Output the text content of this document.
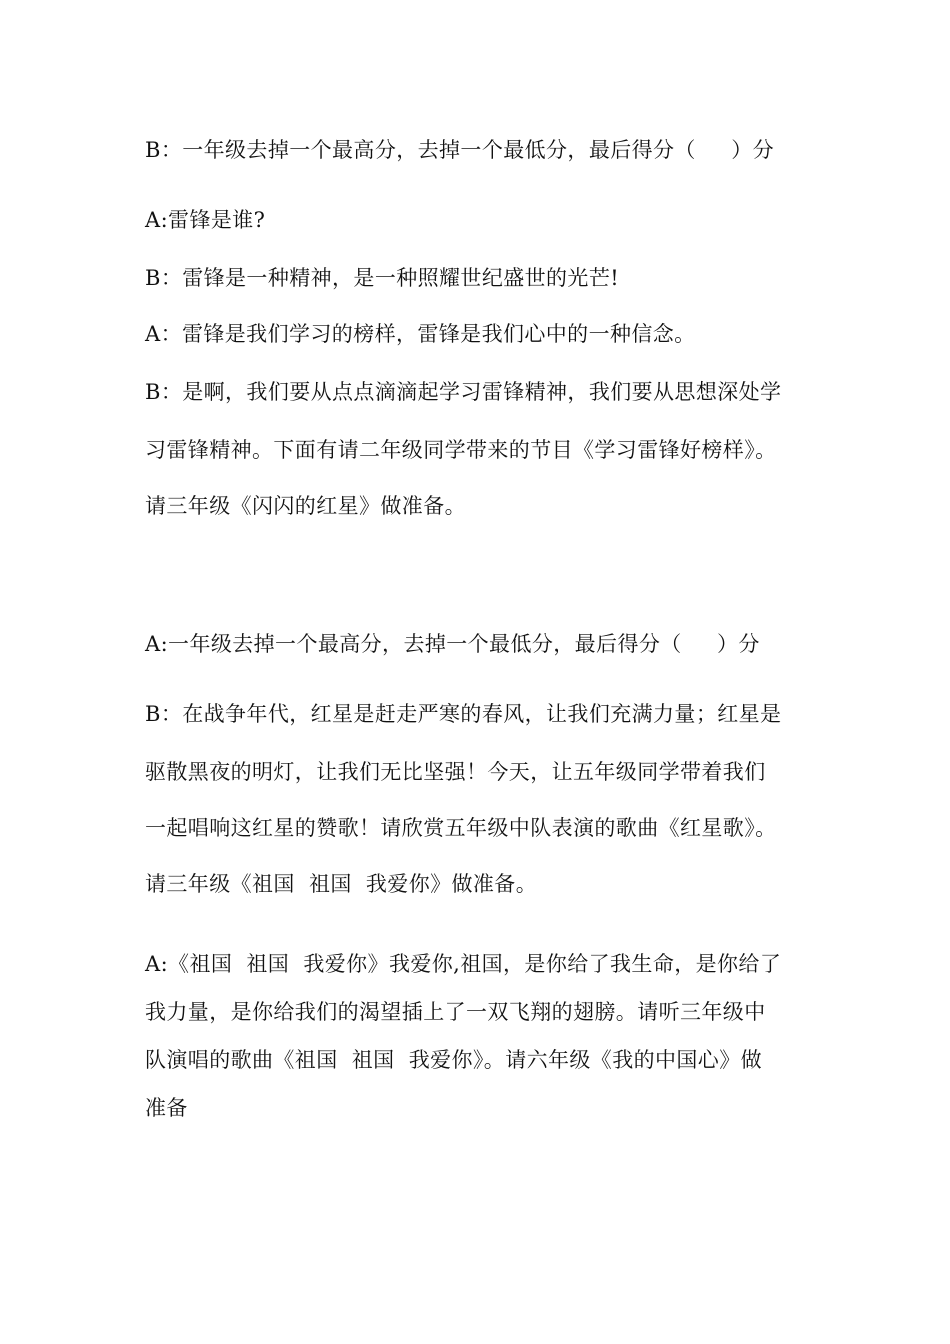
B：一年级去掉一个最高分，去掉一个最低分，最后得分（     ）分
A:雷锋是谁?
B：雷锋是一种精神，是一种照耀世纪盛世的光芒!
A：雷锋是我们学习的榜样，雷锋是我们心中的一种信念。
B：是啊，我们要从点点滴滴起学习雷锋精神，我们要从思想深处学
习雷锋精神。下面有请二年级同学带来的节目《学习雷锋好榜样》。
请三年级《闪闪的红星》做准备。
A:一年级去掉一个最高分，去掉一个最低分，最后得分（     ）分
B：在战争年代，红星是赶走严寒的春风，让我们充满力量；红星是
驱散黑夜的明灯，让我们无比坚强！今天，让五年级同学带着我们
一起唱响这红星的赞歌！请欣赏五年级中队表演的歌曲《红星歌》。
请三年级《祖国  祖国  我爱你》做准备。
A:《祖国  祖国  我爱你》我爱你,祖国，是你给了我生命，是你给了
我力量，是你给我们的渴望插上了一双飞翔的翅膀。请听三年级中
队演唱的歌曲《祖国  祖国  我爱你》。请六年级《我的中国心》做
准备
